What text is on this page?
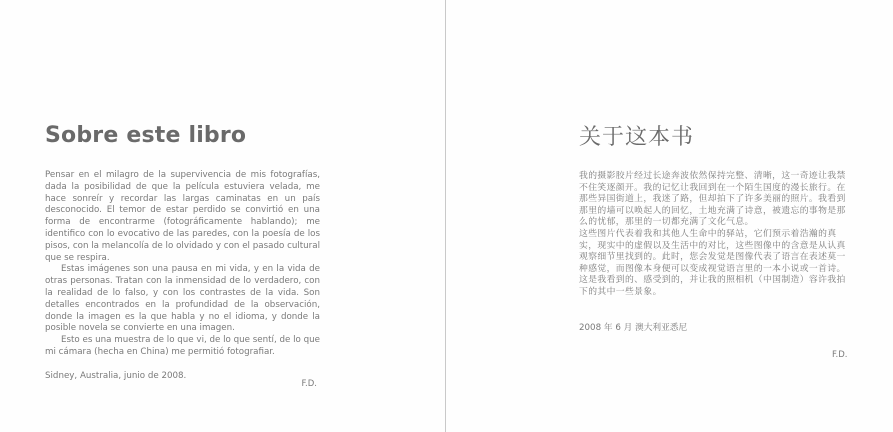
Sobre este libro

Pensar en el milagro de la supervivencia de mis fotografías, dada la posibilidad de que la película estuviera velada, me hace sonreír y recordar las largas caminatas en un país desconocido. El temor de estar perdido se convirtió en una forma de encontrarme (fotográficamente hablando); me identifico con lo evocativo de las paredes, con la poesía de los pisos, con la melancolía de lo olvidado y con el pasado cultural que se respira.

Estas imágenes son una pausa en mi vida, y en la vida de otras personas. Tratan con la inmensidad de lo verdadero, con la realidad de lo falso, y con los contrastes de la vida. Son detalles encontrados en la profundidad de la observación, donde la imagen es la que habla y no el idioma, y donde la posible novela se convierte en una imagen.

Esto es una muestra de lo que vi, de lo que sentí, de lo que mi cámara (hecha en China) me permitió fotografiar.

Sidney, Australia, junio de 2008.

F.D.
关于这本书

我的摄影胶片经过长途奔波依然保持完整、清晰，这一奇迹让我禁不住笑逐颜开。我的记忆让我回到在一个陌生国度的漫长旅行。在那些异国街道上，我迷了路，但却拍下了许多美丽的照片。我看到那里的墙可以唤起人的回忆，土地充满了诗意，被遗忘的事物是那么的忧郁，那里的一切都充满了文化气息。

这些图片代表着我和其他人生命中的驿站，它们预示着浩瀚的真实，现实中的虚假以及生活中的对比，这些图像中的含意是从认真观察细节里找到的。此时，您会发觉是图像代表了语言在表述莫一种感觉，而图像本身便可以变成视觉语言里的一本小说或一首诗。

这是我看到的、感受到的，并让我的照相机（中国制造）容许我拍下的其中一些景象。

2008 年 6 月 澳大利亚悉尼
F.D.
